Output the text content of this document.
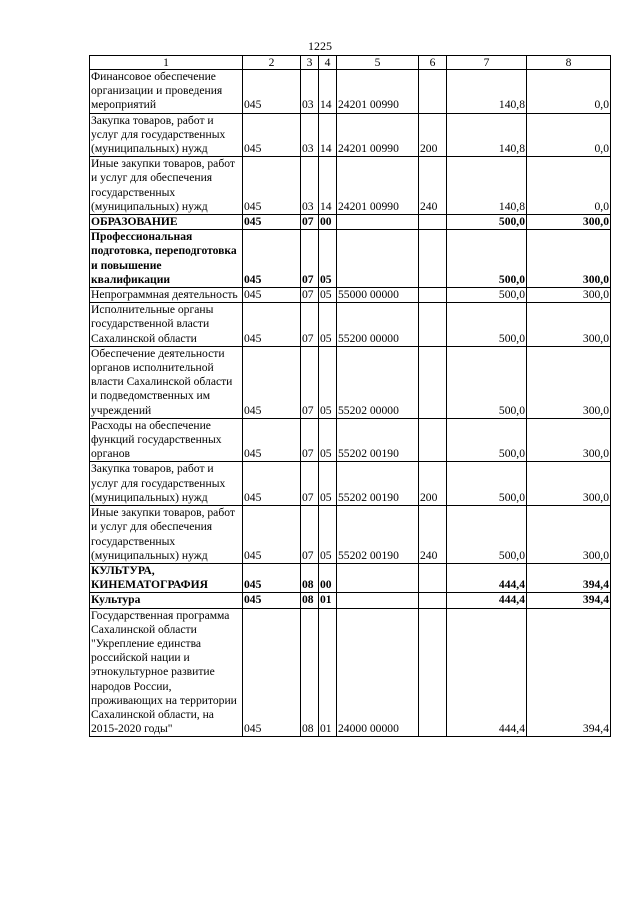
1225
1	2	3	4	5	6	7	8
Финансовое обеспечение организации и проведения мероприятий	045	03	14	24201 00990		140,8	0,0
Закупка товаров, работ и услуг для государственных (муниципальных) нужд	045	03	14	24201 00990	200	140,8	0,0
Иные закупки товаров, работ и услуг для обеспечения государственных (муниципальных) нужд	045	03	14	24201 00990	240	140,8	0,0
ОБРАЗОВАНИЕ	045	07	00			500,0	300,0
Профессиональная подготовка, переподготовка и повышение квалификации	045	07	05			500,0	300,0
Непрограммная деятельность	045	07	05	55000 00000		500,0	300,0
Исполнительные органы государственной власти Сахалинской области	045	07	05	55200 00000		500,0	300,0
Обеспечение деятельности органов исполнительной власти Сахалинской области и подведомственных им учреждений	045	07	05	55202 00000		500,0	300,0
Расходы на обеспечение функций государственных органов	045	07	05	55202 00190		500,0	300,0
Закупка товаров, работ и услуг для государственных (муниципальных) нужд	045	07	05	55202 00190	200	500,0	300,0
Иные закупки товаров, работ и услуг для обеспечения государственных (муниципальных) нужд	045	07	05	55202 00190	240	500,0	300,0
КУЛЬТУРА, КИНЕМАТОГРАФИЯ	045	08	00			444,4	394,4
Культура	045	08	01			444,4	394,4
Государственная программа Сахалинской области "Укрепление единства российской нации и этнокультурное развитие народов России, проживающих на территории Сахалинской области, на 2015-2020 годы"	045	08	01	24000 00000		444,4	394,4
